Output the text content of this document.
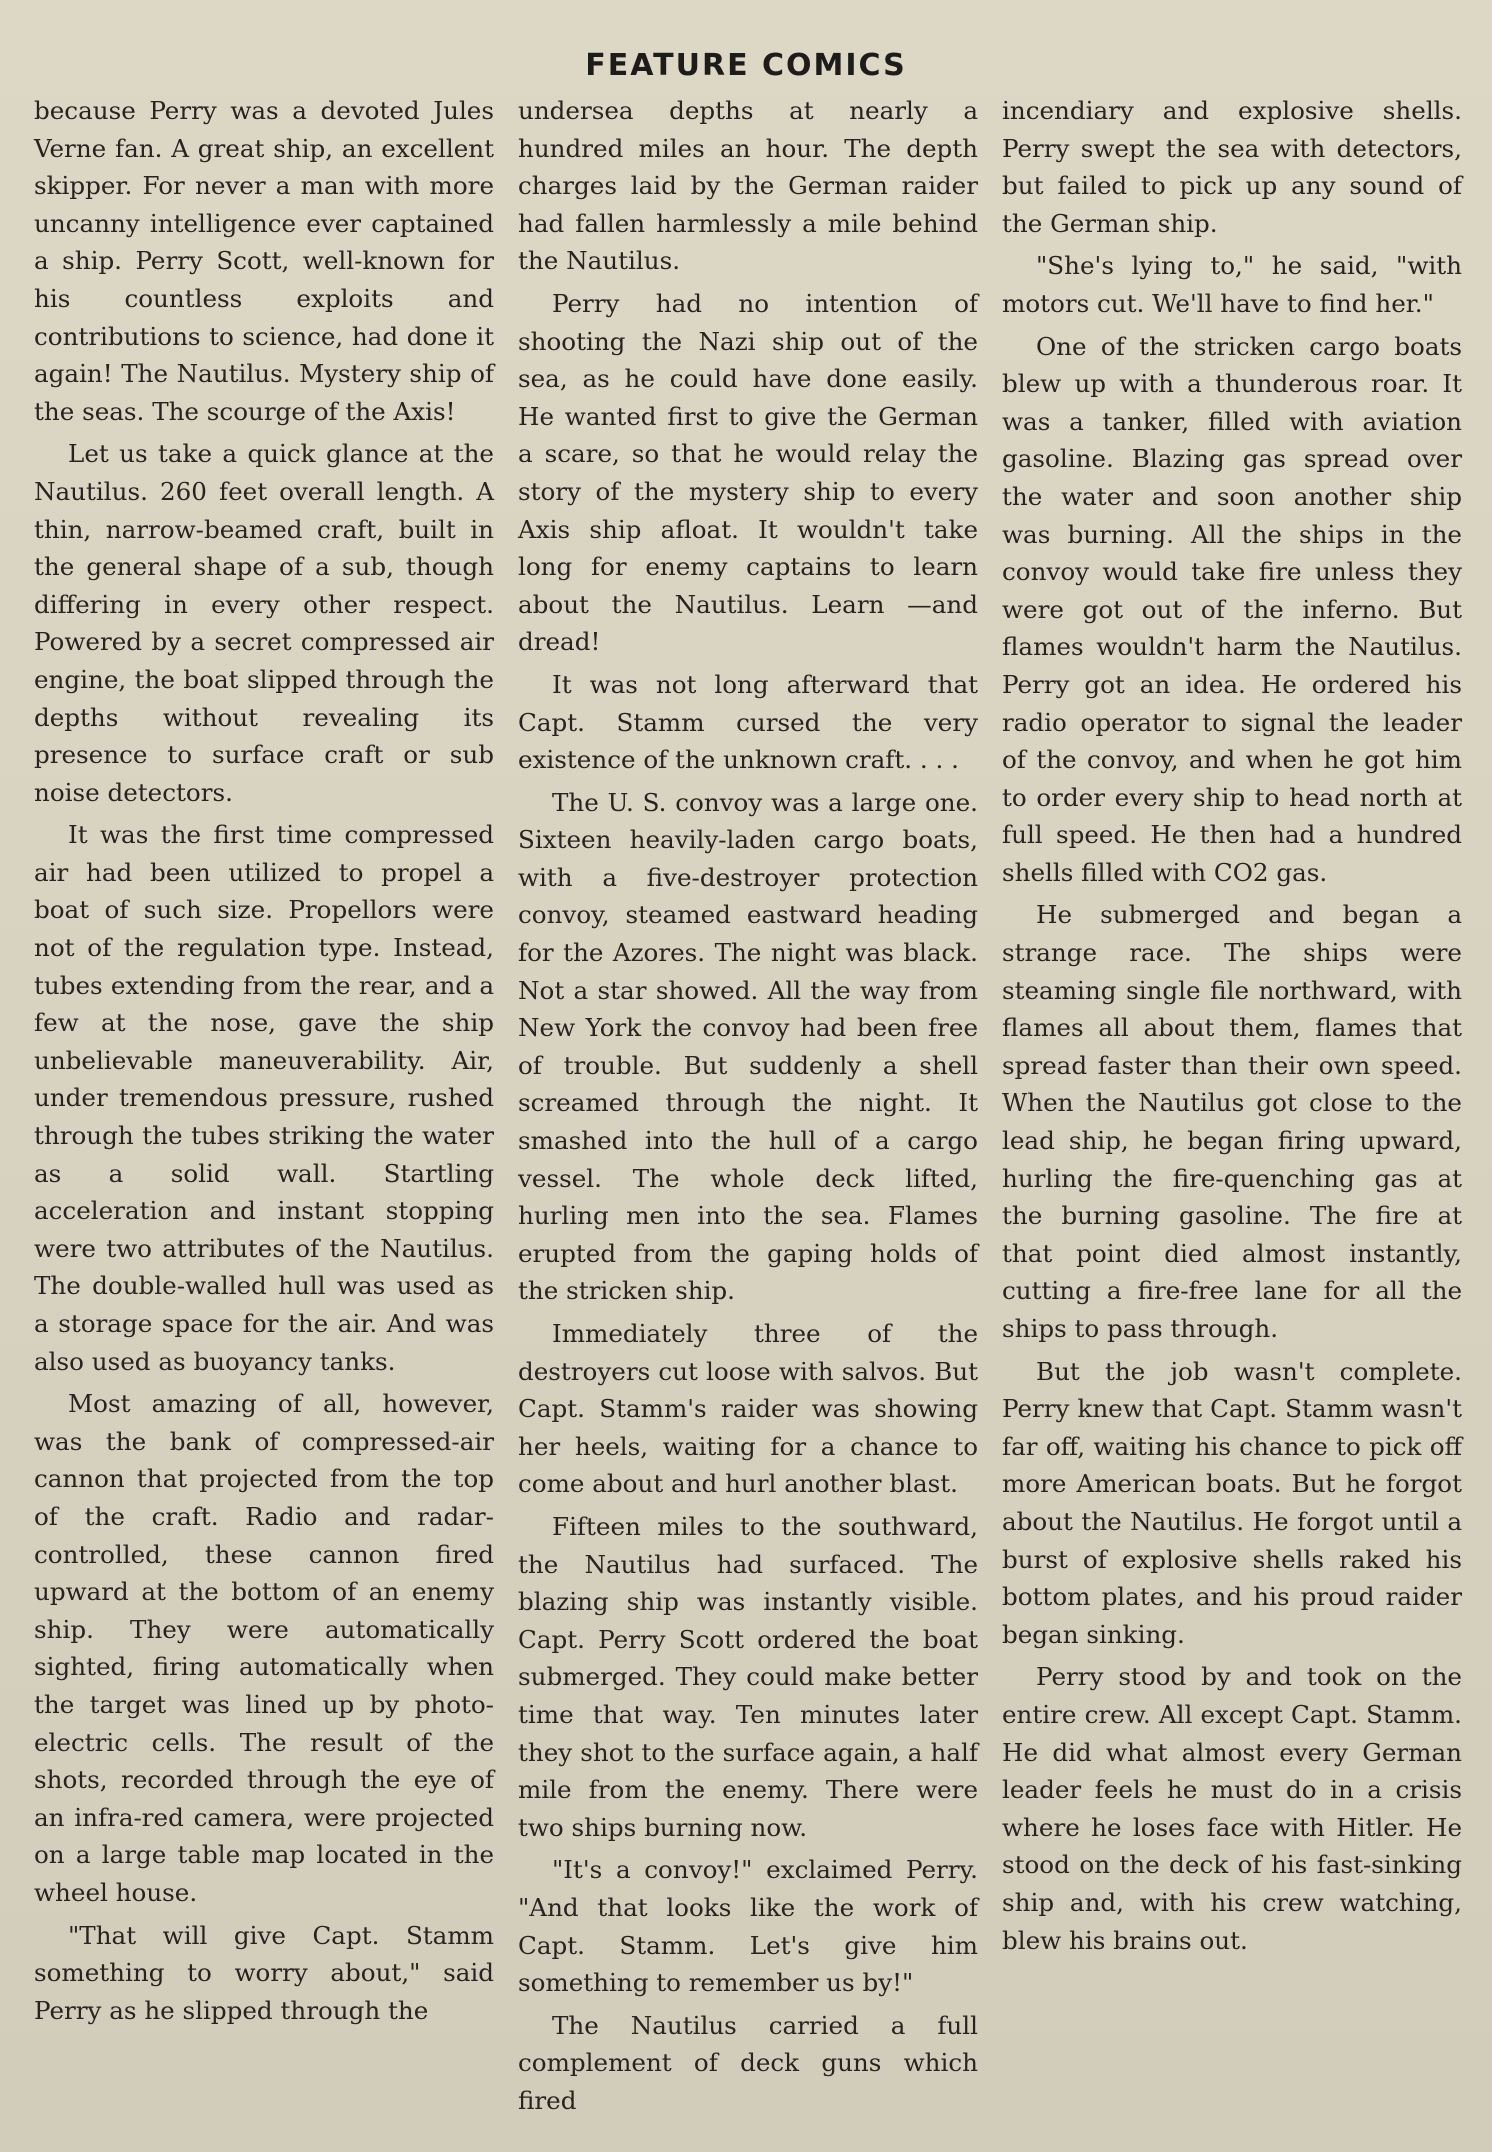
FEATURE COMICS

because Perry was a devoted Jules Verne fan. A great ship, an excellent skipper. For never a man with more uncanny intelligence ever captained a ship. Perry Scott, well-known for his countless exploits and contributions to science, had done it again! The Nautilus. Mystery ship of the seas. The scourge of the Axis!

Let us take a quick glance at the Nautilus. 260 feet overall length. A thin, narrow-beamed craft, built in the general shape of a sub, though differing in every other respect. Powered by a secret compressed air engine, the boat slipped through the depths without revealing its presence to surface craft or sub noise detectors.

It was the first time compressed air had been utilized to propel a boat of such size. Propellors were not of the regulation type. Instead, tubes extending from the rear, and a few at the nose, gave the ship unbelievable maneuverability. Air, under tremendous pressure, rushed through the tubes striking the water as a solid wall. Startling acceleration and instant stopping were two attributes of the Nautilus. The double-walled hull was used as a storage space for the air. And was also used as buoyancy tanks.

Most amazing of all, however, was the bank of compressed-air cannon that projected from the top of the craft. Radio and radar-controlled, these cannon fired upward at the bottom of an enemy ship. They were automatically sighted, firing automatically when the target was lined up by photo-electric cells. The result of the shots, recorded through the eye of an infra-red camera, were projected on a large table map located in the wheel house.

"That will give Capt. Stamm something to worry about," said Perry as he slipped through the

undersea depths at nearly a hundred miles an hour. The depth charges laid by the German raider had fallen harmlessly a mile behind the Nautilus.

Perry had no intention of shooting the Nazi ship out of the sea, as he could have done easily. He wanted first to give the German a scare, so that he would relay the story of the mystery ship to every Axis ship afloat. It wouldn't take long for enemy captains to learn about the Nautilus. Learn —and dread!

It was not long afterward that Capt. Stamm cursed the very existence of the unknown craft. . . .

The U. S. convoy was a large one. Sixteen heavily-laden cargo boats, with a five-destroyer protection convoy, steamed eastward heading for the Azores. The night was black. Not a star showed. All the way from New York the convoy had been free of trouble. But suddenly a shell screamed through the night. It smashed into the hull of a cargo vessel. The whole deck lifted, hurling men into the sea. Flames erupted from the gaping holds of the stricken ship.

Immediately three of the destroyers cut loose with salvos. But Capt. Stamm's raider was showing her heels, waiting for a chance to come about and hurl another blast.

Fifteen miles to the southward, the Nautilus had surfaced. The blazing ship was instantly visible. Capt. Perry Scott ordered the boat submerged. They could make better time that way. Ten minutes later they shot to the surface again, a half mile from the enemy. There were two ships burning now.

"It's a convoy!" exclaimed Perry. "And that looks like the work of Capt. Stamm. Let's give him something to remember us by!"

The Nautilus carried a full complement of deck guns which fired

incendiary and explosive shells. Perry swept the sea with detectors, but failed to pick up any sound of the German ship.

"She's lying to," he said, "with motors cut. We'll have to find her."

One of the stricken cargo boats blew up with a thunderous roar. It was a tanker, filled with aviation gasoline. Blazing gas spread over the water and soon another ship was burning. All the ships in the convoy would take fire unless they were got out of the inferno. But flames wouldn't harm the Nautilus. Perry got an idea. He ordered his radio operator to signal the leader of the convoy, and when he got him to order every ship to head north at full speed. He then had a hundred shells filled with CO2 gas.

He submerged and began a strange race. The ships were steaming single file northward, with flames all about them, flames that spread faster than their own speed. When the Nautilus got close to the lead ship, he began firing upward, hurling the fire-quenching gas at the burning gasoline. The fire at that point died almost instantly, cutting a fire-free lane for all the ships to pass through.

But the job wasn't complete. Perry knew that Capt. Stamm wasn't far off, waiting his chance to pick off more American boats. But he forgot about the Nautilus. He forgot until a burst of explosive shells raked his bottom plates, and his proud raider began sinking.

Perry stood by and took on the entire crew. All except Capt. Stamm. He did what almost every German leader feels he must do in a crisis where he loses face with Hitler. He stood on the deck of his fast-sinking ship and, with his crew watching, blew his brains out.
